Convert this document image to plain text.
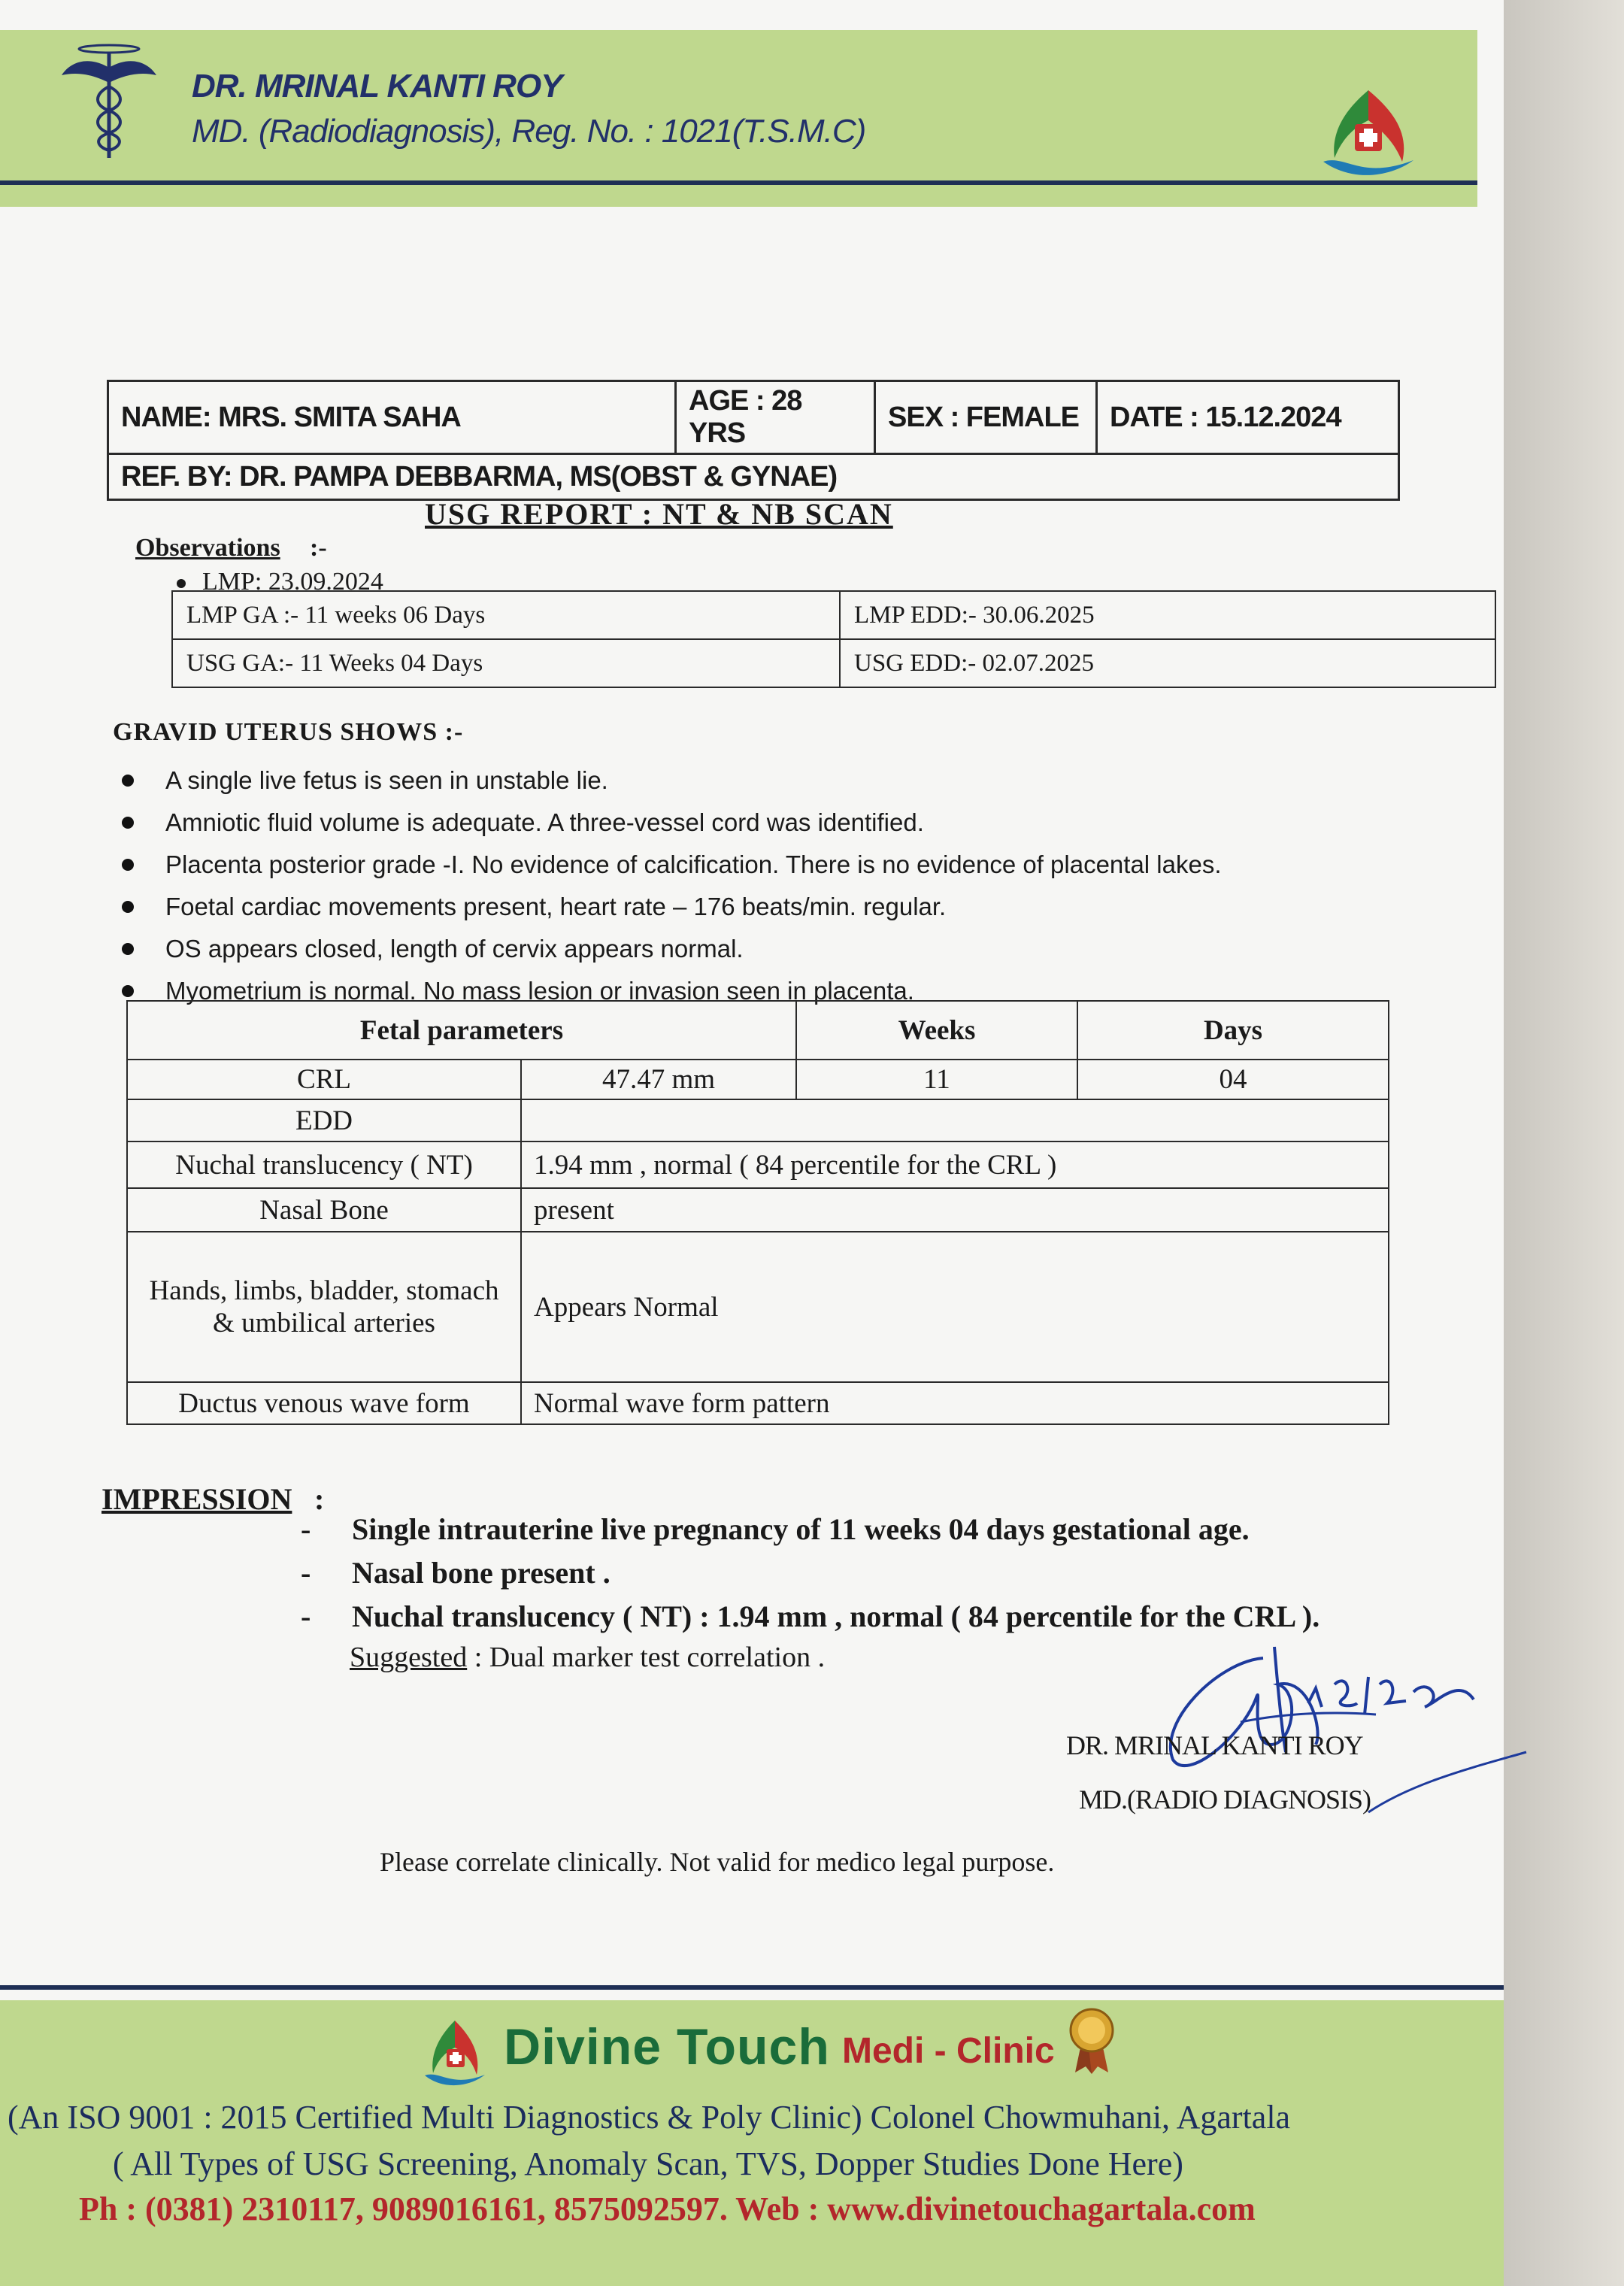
DR. MRINAL KANTI ROY
MD. (Radiodiagnosis), Reg. No. : 1021(T.S.M.C)
NAME: MRS. SMITA SAHA	AGE : 28 YRS	SEX : FEMALE	DATE : 15.12.2024
REF. BY: DR. PAMPA DEBBARMA, MS(OBST & GYNAE)
USG REPORT : NT & NB SCAN
Observations :-
LMP: 23.09.2024
LMP GA :- 11 weeks 06 Days	LMP EDD:- 30.06.2025
USG GA:- 11 Weeks 04 Days	USG EDD:- 02.07.2025
GRAVID UTERUS SHOWS :-
A single live fetus is seen in unstable lie.
Amniotic fluid volume is adequate. A three-vessel cord was identified.
Placenta posterior grade -I. No evidence of calcification. There is no evidence of placental lakes.
Foetal cardiac movements present, heart rate – 176 beats/min. regular.
OS appears closed, length of cervix appears normal.
Myometrium is normal. No mass lesion or invasion seen in placenta.
Fetal parameters		Weeks	Days
CRL	47.47 mm	11	04
EDD			
Nuchal translucency ( NT)	1.94 mm , normal ( 84 percentile for the CRL )		
Nasal Bone	present		
Hands, limbs, bladder, stomach & umbilical arteries	Appears Normal		
Ductus venous wave form	Normal wave form pattern		
IMPRESSION :
- Single intrauterine live pregnancy of 11 weeks 04 days gestational age.
- Nasal bone present .
- Nuchal translucency ( NT) : 1.94 mm , normal ( 84 percentile for the CRL ).
Suggested : Dual marker test correlation .
DR. MRINAL KANTI ROY
MD.(RADIO DIAGNOSIS)
Please correlate clinically. Not valid for medico legal purpose.
Divine Touch Medi - Clinic
(An ISO 9001 : 2015 Certified Multi Diagnostics & Poly Clinic) Colonel Chowmuhani, Agartala
( All Types of USG Screening, Anomaly Scan, TVS, Dopper Studies Done Here)
Ph : (0381) 2310117, 9089016161, 8575092597. Web : www.divinetouchagartala.com
